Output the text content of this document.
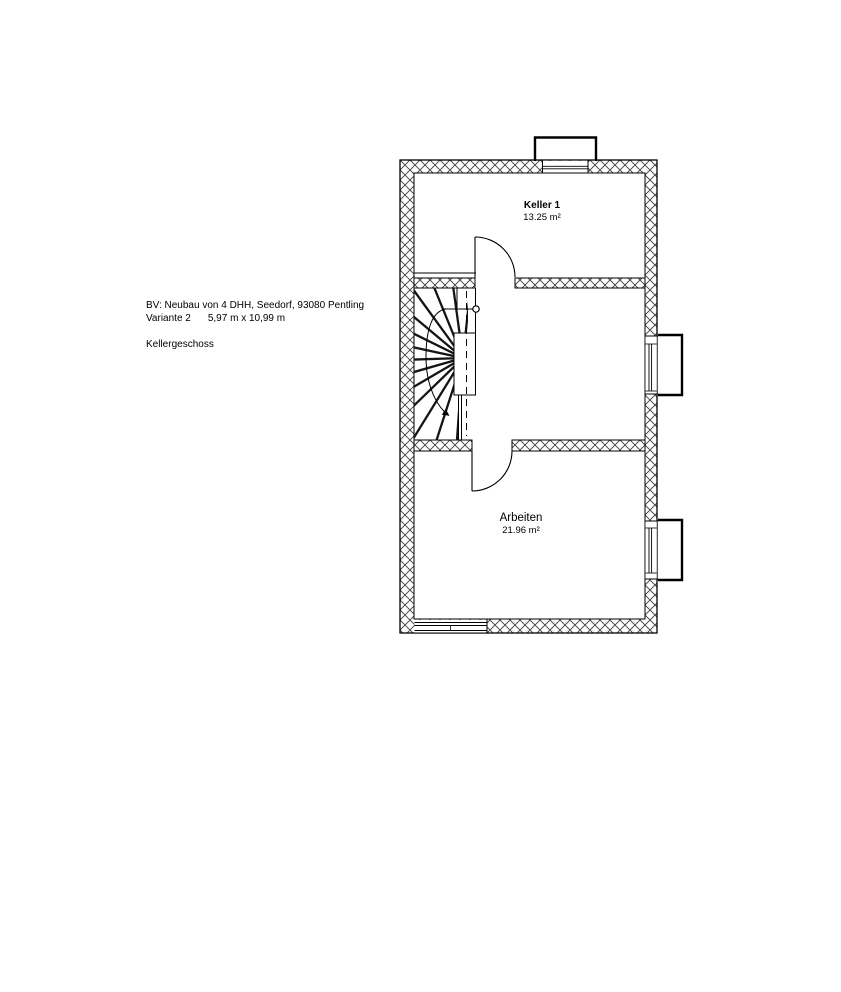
BV: Neubau von 4 DHH, Seedorf, 93080 Pentling
Variante 2 5,97 m x 10,99 m
Kellergeschoss
Keller 1
13.25 m²
Arbeiten
21.96 m²
